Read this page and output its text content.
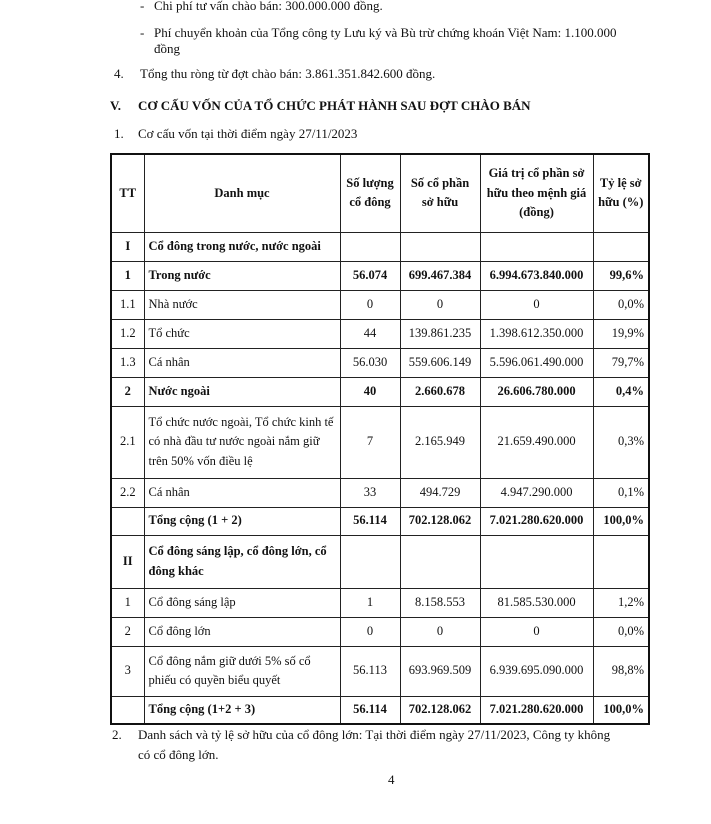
- Chi phí tư vấn chào bán: 300.000.000 đồng.
- Phí chuyển khoản của Tổng công ty Lưu ký và Bù trừ chứng khoán Việt Nam: 1.100.000
đồng
4. Tổng thu ròng từ đợt chào bán: 3.861.351.842.600 đồng.
V. CƠ CẤU VỐN CỦA TỔ CHỨC PHÁT HÀNH SAU ĐỢT CHÀO BÁN
1. Cơ cấu vốn tại thời điểm ngày 27/11/2023
TT	Danh mục	Số lượng cổ đông	Số cổ phần sở hữu	Giá trị cổ phần sở hữu theo mệnh giá (đồng)	Tỷ lệ sở hữu (%)
I	Cổ đông trong nước, nước ngoài				
1	Trong nước	56.074	699.467.384	6.994.673.840.000	99,6%
1.1	Nhà nước	0	0	0	0,0%
1.2	Tổ chức	44	139.861.235	1.398.612.350.000	19,9%
1.3	Cá nhân	56.030	559.606.149	5.596.061.490.000	79,7%
2	Nước ngoài	40	2.660.678	26.606.780.000	0,4%
2.1	Tổ chức nước ngoài, Tổ chức kinh tế có nhà đầu tư nước ngoài nắm giữ trên 50% vốn điều lệ	7	2.165.949	21.659.490.000	0,3%
2.2	Cá nhân	33	494.729	4.947.290.000	0,1%
	Tổng cộng (1 + 2)	56.114	702.128.062	7.021.280.620.000	100,0%
II	Cổ đông sáng lập, cổ đông lớn, cổ đông khác				
1	Cổ đông sáng lập	1	8.158.553	81.585.530.000	1,2%
2	Cổ đông lớn	0	0	0	0,0%
3	Cổ đông nắm giữ dưới 5% số cổ phiếu có quyền biểu quyết	56.113	693.969.509	6.939.695.090.000	98,8%
	Tổng cộng (1+2 + 3)	56.114	702.128.062	7.021.280.620.000	100,0%
2. Danh sách và tỷ lệ sở hữu của cổ đông lớn: Tại thời điểm ngày 27/11/2023, Công ty không
có cổ đông lớn.
4
